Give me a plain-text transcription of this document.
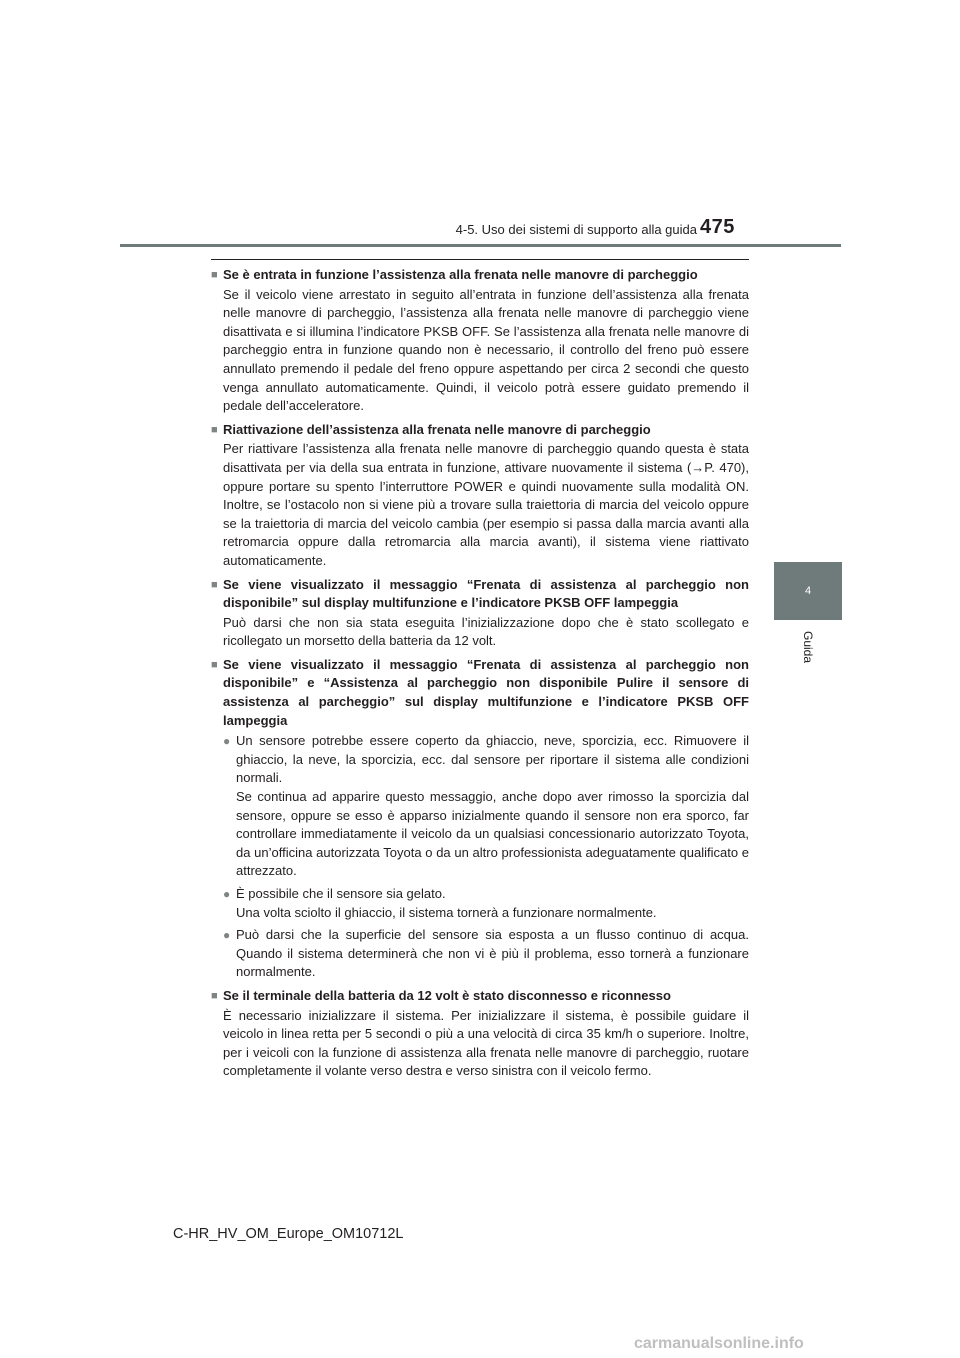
4-5. Uso dei sistemi di supporto alla guida 475
4
Guida
■ Se è entrata in funzione l’assistenza alla frenata nelle manovre di parcheggio

Se il veicolo viene arrestato in seguito all’entrata in funzione dell’assistenza alla frenata nelle manovre di parcheggio, l’assistenza alla frenata nelle manovre di parcheggio viene disattivata e si illumina l’indicatore PKSB OFF. Se l’assistenza alla frenata nelle manovre di parcheggio entra in funzione quando non è necessario, il controllo del freno può essere annullato premendo il pedale del freno oppure aspettando per circa 2 secondi che questo venga annullato automaticamente. Quindi, il veicolo potrà essere guidato premendo il pedale dell’acceleratore.

■ Riattivazione dell’assistenza alla frenata nelle manovre di parcheggio

Per riattivare l’assistenza alla frenata nelle manovre di parcheggio quando questa è stata disattivata per via della sua entrata in funzione, attivare nuovamente il sistema (→P. 470), oppure portare su spento l’interruttore POWER e quindi nuovamente sulla modalità ON. Inoltre, se l’ostacolo non si viene più a trovare sulla traiettoria di marcia del veicolo oppure se la traiettoria di marcia del veicolo cambia (per esempio si passa dalla marcia avanti alla retromarcia oppure dalla retromarcia alla marcia avanti), il sistema viene riattivato automaticamente.

■ Se viene visualizzato il messaggio “Frenata di assistenza al parcheggio non disponibile” sul display multifunzione e l’indicatore PKSB OFF lampeggia

Può darsi che non sia stata eseguita l’inizializzazione dopo che è stato scollegato e ricollegato un morsetto della batteria da 12 volt.

■ Se viene visualizzato il messaggio “Frenata di assistenza al parcheggio non disponibile” e “Assistenza al parcheggio non disponibile Pulire il sensore di assistenza al parcheggio” sul display multifunzione e l’indicatore PKSB OFF lampeggia
● Un sensore potrebbe essere coperto da ghiaccio, neve, sporcizia, ecc. Rimuovere il ghiaccio, la neve, la sporcizia, ecc. dal sensore per riportare il sistema alle condizioni normali.

Se continua ad apparire questo messaggio, anche dopo aver rimosso la sporcizia dal sensore, oppure se esso è apparso inizialmente quando il sensore non era sporco, far controllare immediatamente il veicolo da un qualsiasi concessionario autorizzato Toyota, da un’officina autorizzata Toyota o da un altro professionista adeguatamente qualificato e attrezzato.

● È possibile che il sensore sia gelato.

Una volta sciolto il ghiaccio, il sistema tornerà a funzionare normalmente.

● Può darsi che la superficie del sensore sia esposta a un flusso continuo di acqua. Quando il sistema determinerà che non vi è più il problema, esso tornerà a funzionare normalmente.

■ Se il terminale della batteria da 12 volt è stato disconnesso e riconnesso

È necessario inizializzare il sistema. Per inizializzare il sistema, è possibile guidare il veicolo in linea retta per 5 secondi o più a una velocità di circa 35 km/h o superiore. Inoltre, per i veicoli con la funzione di assistenza alla frenata nelle manovre di parcheggio, ruotare completamente il volante verso destra e verso sinistra con il veicolo fermo.

C-HR_HV_OM_Europe_OM10712L
carmanualsonline.info
